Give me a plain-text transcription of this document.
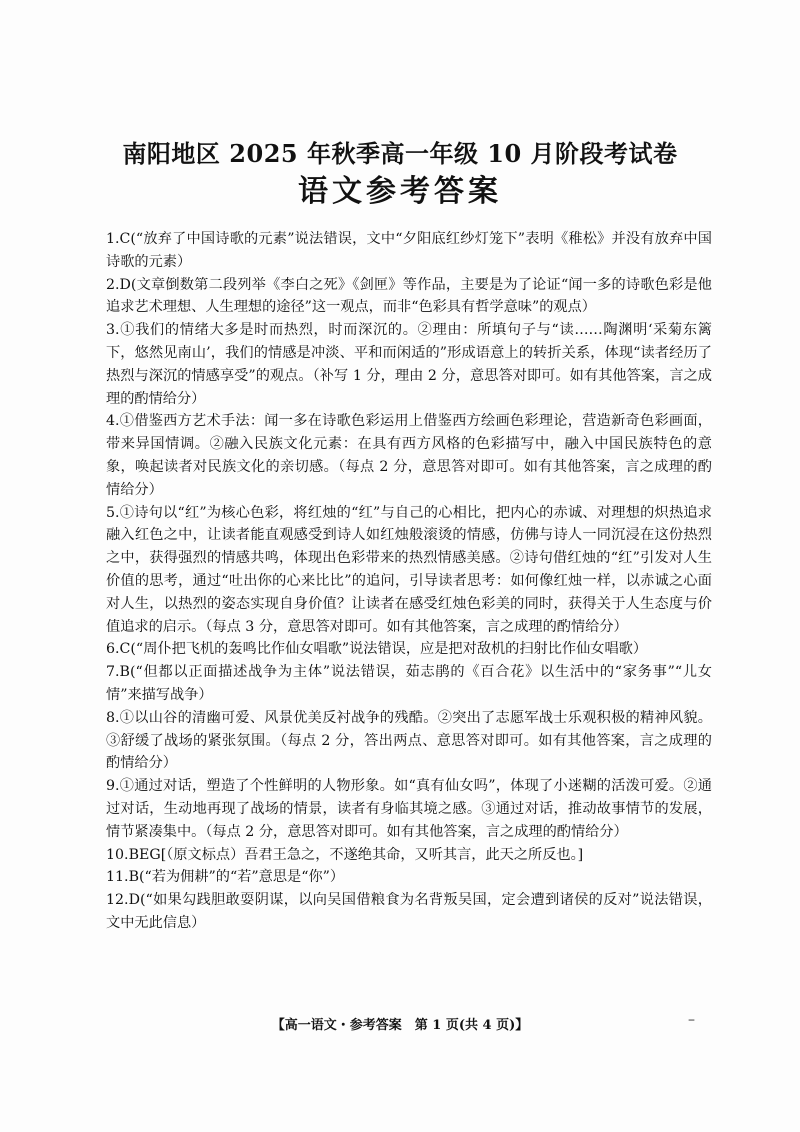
南阳地区 2025 年秋季高一年级 10 月阶段考试卷
语文参考答案

1.C(“放弃了中国诗歌的元素”说法错误，文中“夕阳底红纱灯笼下”表明《稚松》并没有放弃中国诗歌的元素）

2.D(文章倒数第二段列举《李白之死》《剑匣》等作品，主要是为了论证“闻一多的诗歌色彩是他追求艺术理想、人生理想的途径”这一观点，而非“色彩具有哲学意味”的观点）

3.①我们的情绪大多是时而热烈，时而深沉的。②理由：所填句子与“读……陶渊明‘采菊东篱下，悠然见南山’，我们的情感是冲淡、平和而闲适的”形成语意上的转折关系，体现“读者经历了热烈与深沉的情感享受”的观点。（补写 1 分，理由 2 分，意思答对即可。如有其他答案，言之成理的酌情给分）

4.①借鉴西方艺术手法：闻一多在诗歌色彩运用上借鉴西方绘画色彩理论，营造新奇色彩画面，带来异国情调。②融入民族文化元素：在具有西方风格的色彩描写中，融入中国民族特色的意象，唤起读者对民族文化的亲切感。（每点 2 分，意思答对即可。如有其他答案，言之成理的酌情给分）

5.①诗句以“红”为核心色彩，将红烛的“红”与自己的心相比，把内心的赤诚、对理想的炽热追求融入红色之中，让读者能直观感受到诗人如红烛般滚烫的情感，仿佛与诗人一同沉浸在这份热烈之中，获得强烈的情感共鸣，体现出色彩带来的热烈情感美感。②诗句借红烛的“红”引发对人生价值的思考，通过“吐出你的心来比比”的追问，引导读者思考：如何像红烛一样，以赤诚之心面对人生，以热烈的姿态实现自身价值？让读者在感受红烛色彩美的同时，获得关于人生态度与价值追求的启示。（每点 3 分，意思答对即可。如有其他答案，言之成理的酌情给分）

6.C(“周仆把飞机的轰鸣比作仙女唱歌”说法错误，应是把对敌机的扫射比作仙女唱歌）

7.B(“但都以正面描述战争为主体”说法错误，茹志鹃的《百合花》以生活中的“家务事”“儿女情”来描写战争）

8.①以山谷的清幽可爱、风景优美反衬战争的残酷。②突出了志愿军战士乐观积极的精神风貌。③舒缓了战场的紧张氛围。（每点 2 分，答出两点、意思答对即可。如有其他答案，言之成理的酌情给分）

9.①通过对话，塑造了个性鲜明的人物形象。如“真有仙女吗”，体现了小迷糊的活泼可爱。②通过对话，生动地再现了战场的情景，读者有身临其境之感。③通过对话，推动故事情节的发展，情节紧凑集中。（每点 2 分，意思答对即可。如有其他答案，言之成理的酌情给分）

10.BEG[（原文标点）吾君王急之，不遂绝其命，又听其言，此天之所反也。]

11.B(“若为佣耕”的“若”意思是“你”）

12.D(“如果勾践胆敢耍阴谋，以向吴国借粮食为名背叛吴国，定会遭到诸侯的反对”说法错误，文中无此信息）

【高一语文・参考答案　第 1 页(共 4 页)】	–
